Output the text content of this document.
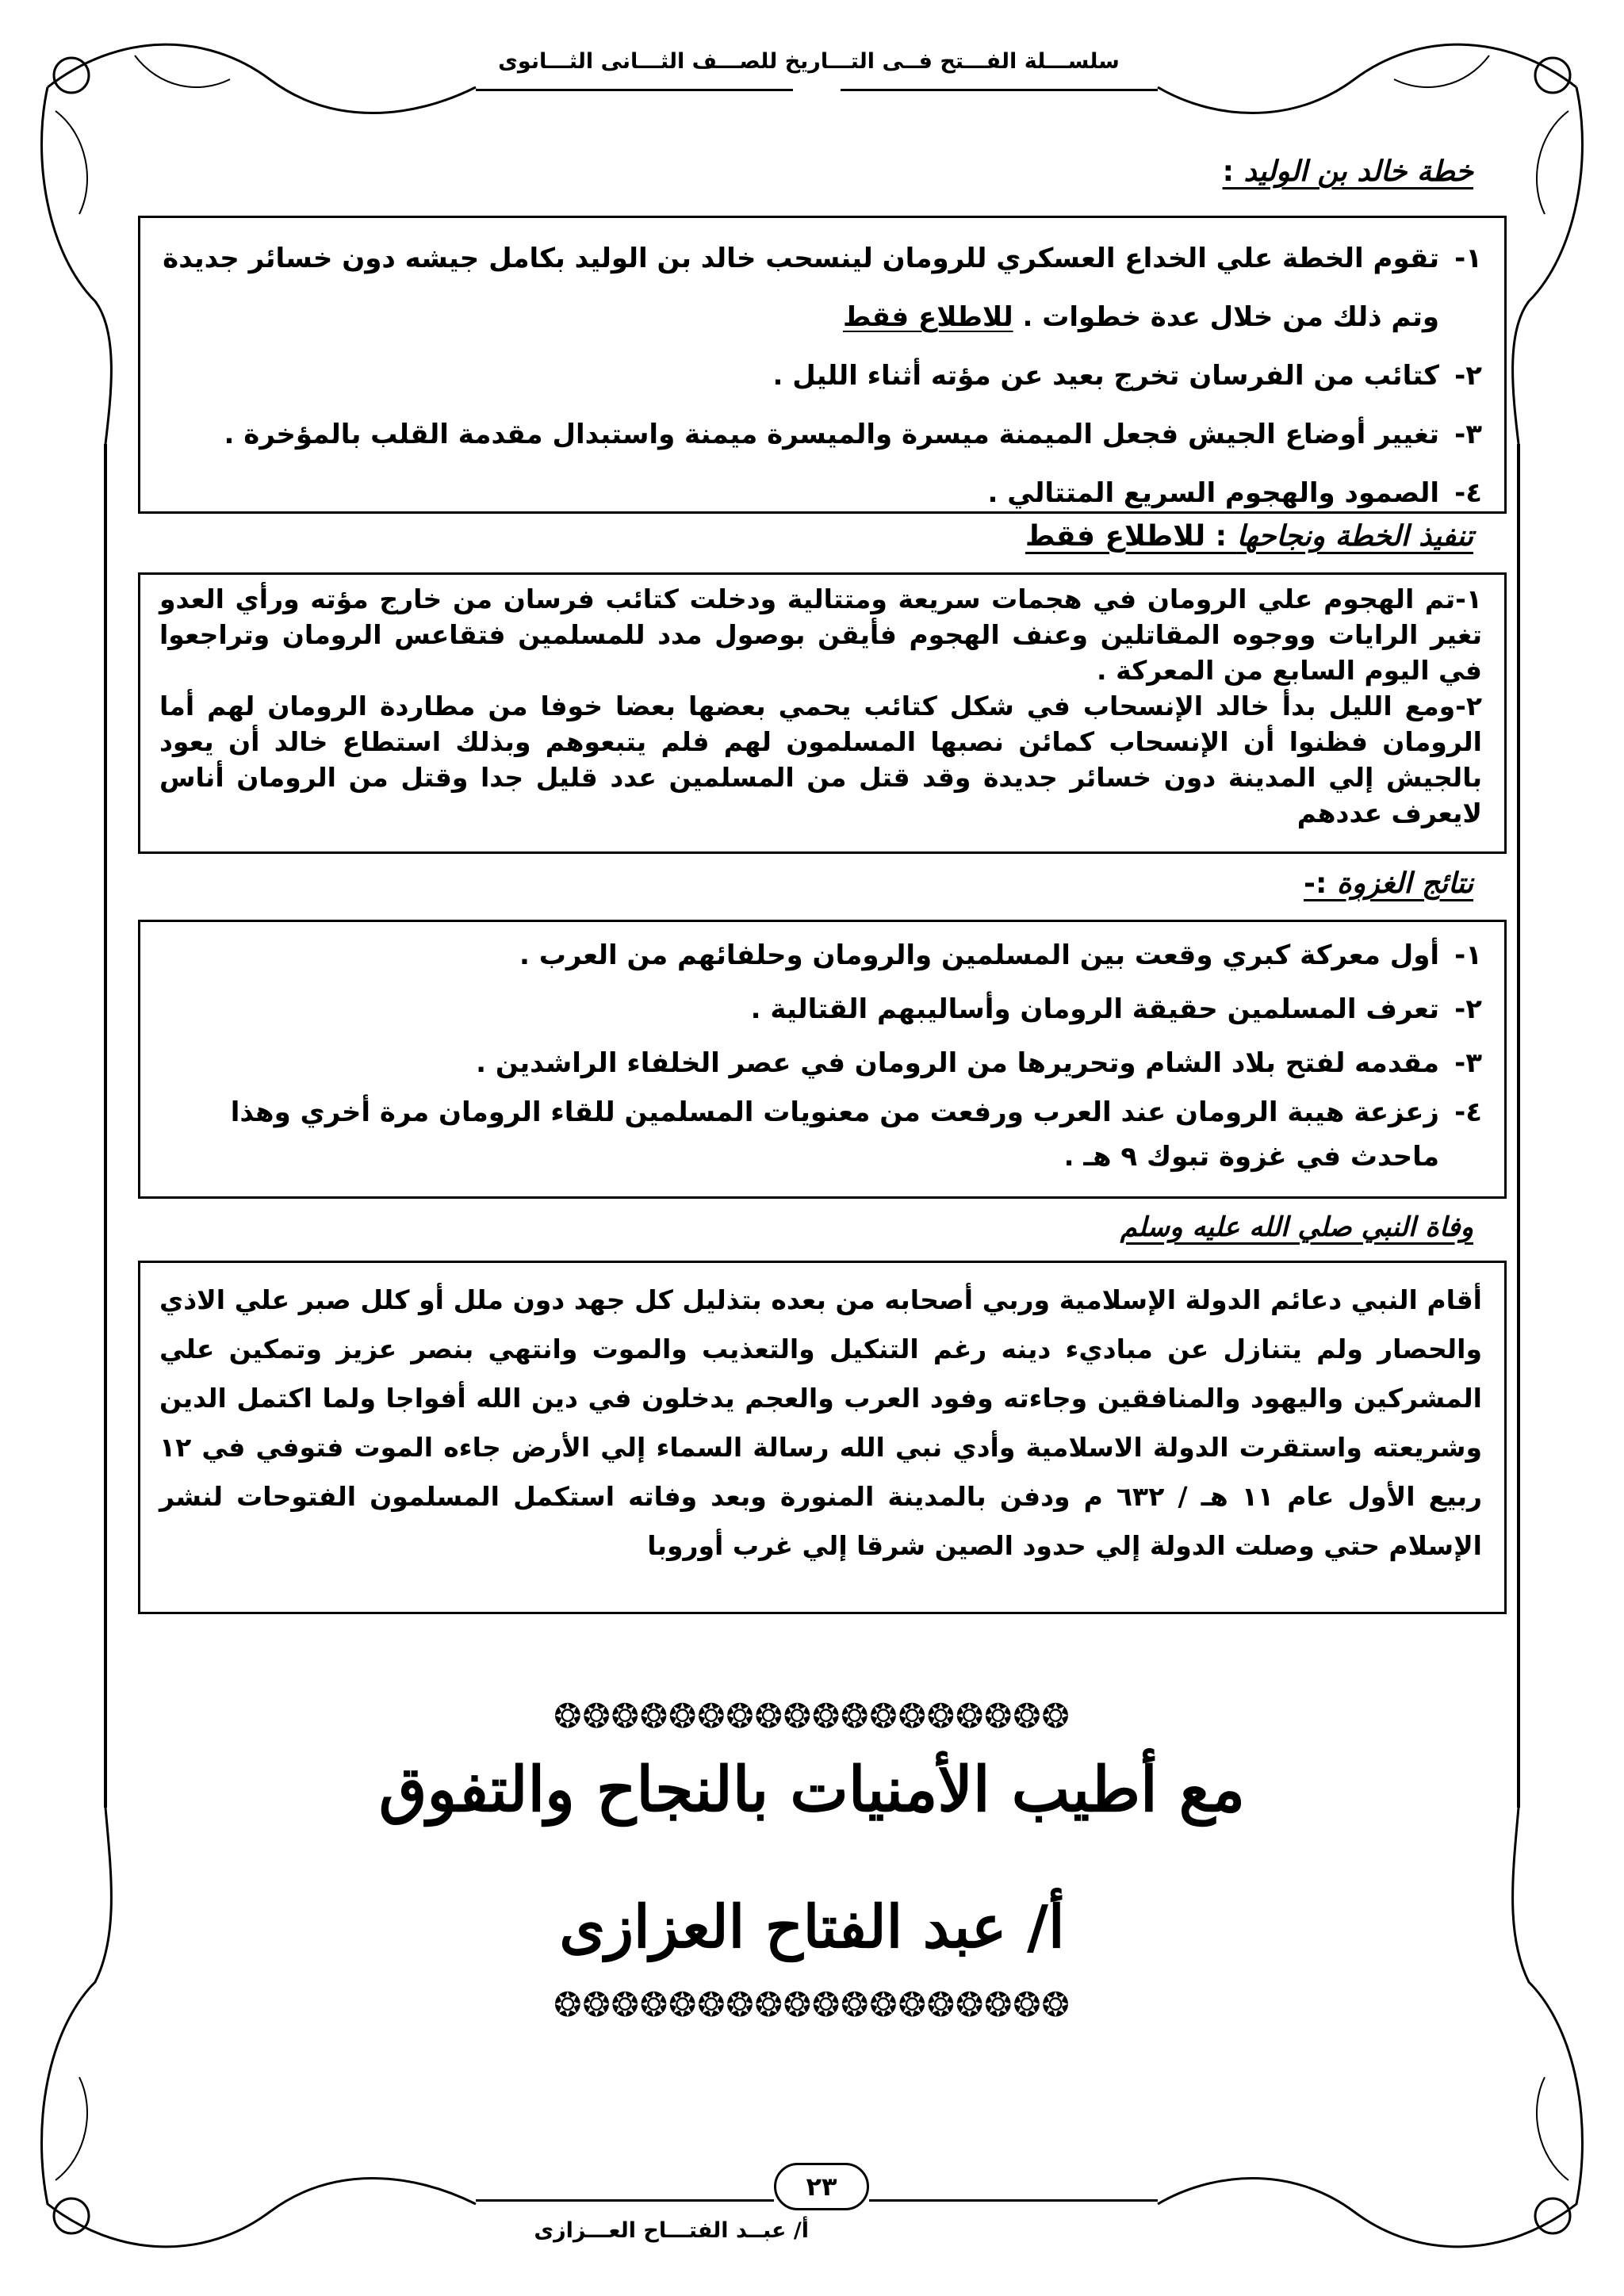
سلســـلة الفـــتح فــى التـــاريخ للصـــف الثـــانى الثـــانوى
خطة خالد بن الوليد :
١-
تقوم الخطة علي الخداع العسكري للرومان لينسحب خالد بن الوليد بكامل جيشه دون خسائر جديدة وتم ذلك من خلال عدة خطوات . للاطلاع فقط
٢-
كتائب من الفرسان تخرج بعيد عن مؤته أثناء الليل .
٣-
تغيير أوضاع الجيش فجعل الميمنة ميسرة والميسرة ميمنة واستبدال مقدمة القلب بالمؤخرة .
٤-
الصمود والهجوم السريع المتتالي .
تنفيذ الخطة ونجاحها : للاطلاع فقط

١-تم الهجوم علي الرومان في هجمات سريعة ومتتالية ودخلت كتائب فرسان من خارج مؤته ورأي العدو تغير الرايات ووجوه المقاتلين وعنف الهجوم فأيقن بوصول مدد للمسلمين فتقاعس الرومان وتراجعوا في اليوم السابع من المعركة .

٢-ومع الليل بدأ خالد الإنسحاب في شكل كتائب يحمي بعضها بعضا خوفا من مطاردة الرومان لهم أما الرومان فظنوا أن الإنسحاب كمائن نصبها المسلمون لهم فلم يتبعوهم وبذلك استطاع خالد أن يعود بالجيش إلي المدينة دون خسائر جديدة وقد قتل من المسلمين عدد قليل جدا وقتل من الرومان أناس لايعرف عددهم

نتائج الغزوة :-
١-
أول معركة كبري وقعت بين المسلمين والرومان وحلفائهم من العرب .
٢-
تعرف المسلمين حقيقة الرومان وأساليبهم القتالية .
٣-
مقدمه لفتح بلاد الشام وتحريرها من الرومان في عصر الخلفاء الراشدين .
٤-
زعزعة هيبة الرومان عند العرب ورفعت من معنويات المسلمين للقاء الرومان مرة أخري وهذا ماحدث في غزوة تبوك ٩ هـ .
وفاة النبي صلي الله عليه وسلم

أقام النبي دعائم الدولة الإسلامية وربي أصحابه من بعده بتذليل كل جهد دون ملل أو كلل صبر علي الاذي والحصار ولم يتنازل عن مباديء دينه رغم التنكيل والتعذيب والموت وانتهي بنصر عزيز وتمكين علي المشركين واليهود والمنافقين وجاءته وفود العرب والعجم يدخلون في دين الله أفواجا ولما اكتمل الدين وشريعته واستقرت الدولة الاسلامية وأدي نبي الله رسالة السماء إلي الأرض جاءه الموت فتوفي في ١٢ ربيع الأول عام ١١ هـ / ٦٣٢ م ودفن بالمدينة المنورة وبعد وفاته استكمل المسلمون الفتوحات لنشر الإسلام حتي وصلت الدولة إلي حدود الصين شرقا إلي غرب أوروبا

❂❂❂❂❂❂❂❂❂❂❂❂❂❂❂❂❂❂
مع أطيب الأمنيات بالنجاح والتفوق
أ/ عبد الفتاح العزازى
❂❂❂❂❂❂❂❂❂❂❂❂❂❂❂❂❂❂
٢٣
أ/ عبــد الفتـــاح العـــزازى
